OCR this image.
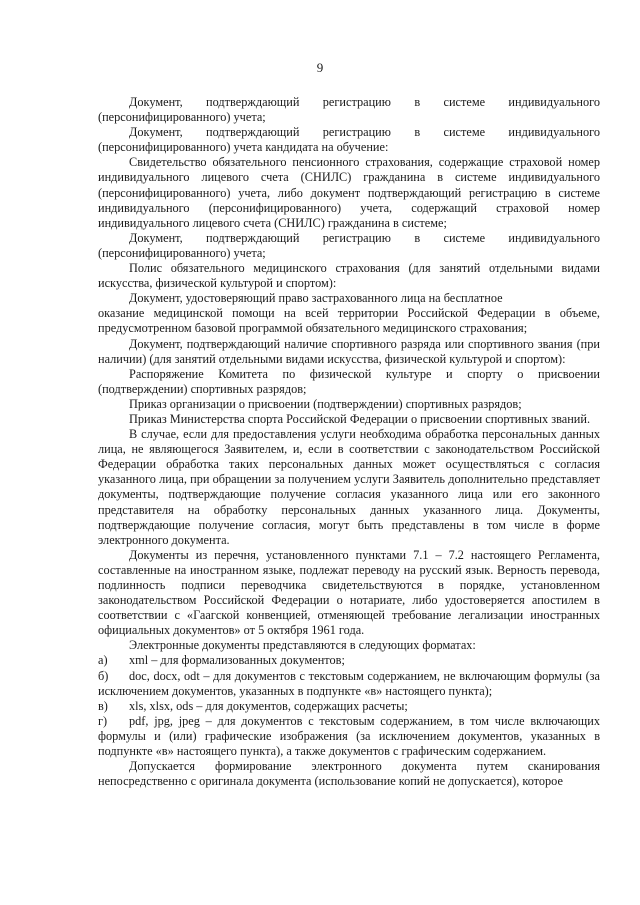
9

Документ, подтверждающий регистрацию в системе индивидуального (персонифицированного) учета;

Документ, подтверждающий регистрацию в системе индивидуального (персонифицированного) учета кандидата на обучение:

Свидетельство обязательного пенсионного страхования, содержащие страховой номер индивидуального лицевого счета (СНИЛС) гражданина в системе индивидуального (персонифицированного) учета, либо документ подтверждающий регистрацию в системе индивидуального (персонифицированного) учета, содержащий страховой номер индивидуального лицевого счета (СНИЛС) гражданина в системе;

Документ, подтверждающий регистрацию в системе индивидуального (персонифицированного) учета;

Полис обязательного медицинского страхования (для занятий отдельными видами искусства, физической культурой и спортом):

Документ, удостоверяющий право застрахованного лица на бесплатное

оказание медицинской помощи на всей территории Российской Федерации в объеме, предусмотренном базовой программой обязательного медицинского страхования;

Документ, подтверждающий наличие спортивного разряда или спортивного звания (при наличии) (для занятий отдельными видами искусства, физической культурой и спортом):

Распоряжение Комитета по физической культуре и спорту о присвоении (подтверждении) спортивных разрядов;

Приказ организации о присвоении (подтверждении) спортивных разрядов;

Приказ Министерства спорта Российской Федерации о присвоении спортивных званий.

В случае, если для предоставления услуги необходима обработка персональных данных лица, не являющегося Заявителем, и, если в соответствии с законодательством Российской Федерации обработка таких персональных данных может осуществляться с согласия указанного лица, при обращении за получением услуги Заявитель дополнительно представляет документы, подтверждающие получение согласия указанного лица или его законного представителя на обработку персональных данных указанного лица. Документы, подтверждающие получение согласия, могут быть представлены в том числе в форме электронного документа.

Документы из перечня, установленного пунктами 7.1 – 7.2 настоящего Регламента, составленные на иностранном языке, подлежат переводу на русский язык. Верность перевода, подлинность подписи переводчика свидетельствуются в порядке, установленном законодательством Российской Федерации о нотариате, либо удостоверяется апостилем в соответствии с «Гаагской конвенцией, отменяющей требование легализации иностранных официальных документов» от 5 октября 1961 года.

Электронные документы представляются в следующих форматах:

а) xml – для формализованных документов;

б) doc, docx, odt – для документов с текстовым содержанием, не включающим формулы (за исключением документов, указанных в подпункте «в» настоящего пункта);

в) xls, xlsx, ods – для документов, содержащих расчеты;

г) pdf, jpg, jpeg – для документов с текстовым содержанием, в том числе включающих формулы и (или) графические изображения (за исключением документов, указанных в подпункте «в» настоящего пункта), а также документов с графическим содержанием.

Допускается формирование электронного документа путем сканирования непосредственно с оригинала документа (использование копий не допускается), которое
